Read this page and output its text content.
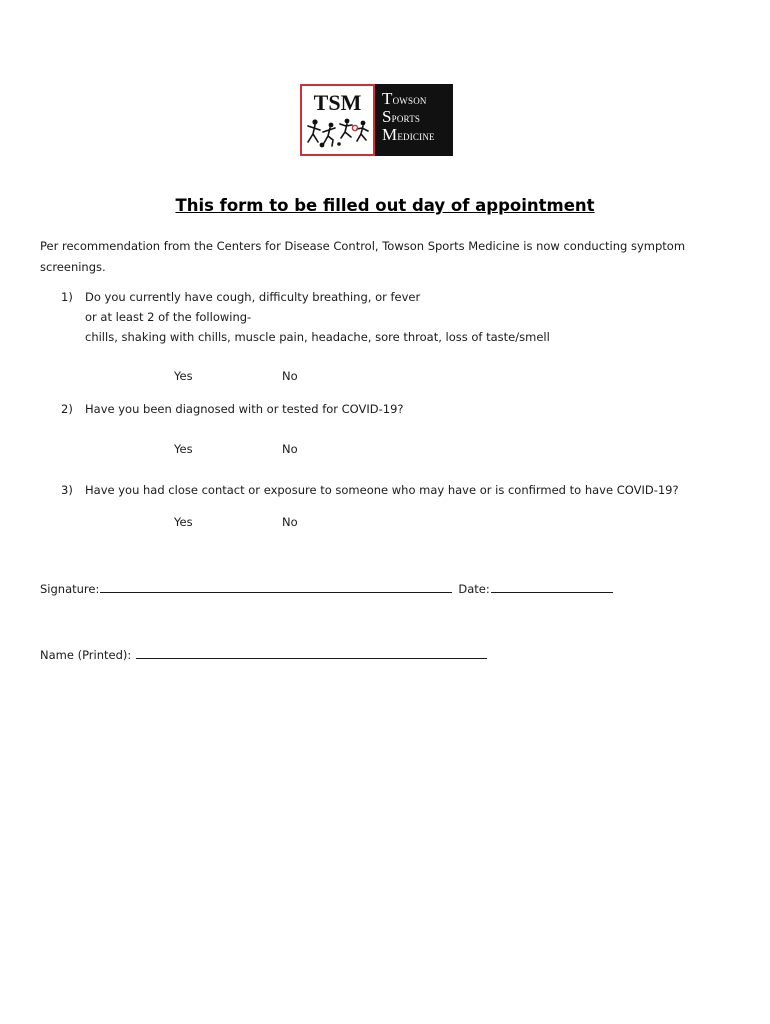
TSM	Towson
Sports
Medicine
This form to be filled out day of appointment
Per recommendation from the Centers for Disease Control, Towson Sports Medicine is now conducting symptom screenings.
1) Do you currently have cough, difficulty breathing, or fever
or at least 2 of the following-
chills, shaking with chills, muscle pain, headache, sore throat, loss of taste/smell
Yes	No
2) Have you been diagnosed with or tested for COVID-19?
Yes	No
3) Have you had close contact or exposure to someone who may have or is confirmed to have COVID-19?
Yes	No
Signature:	Date:
Name (Printed):
